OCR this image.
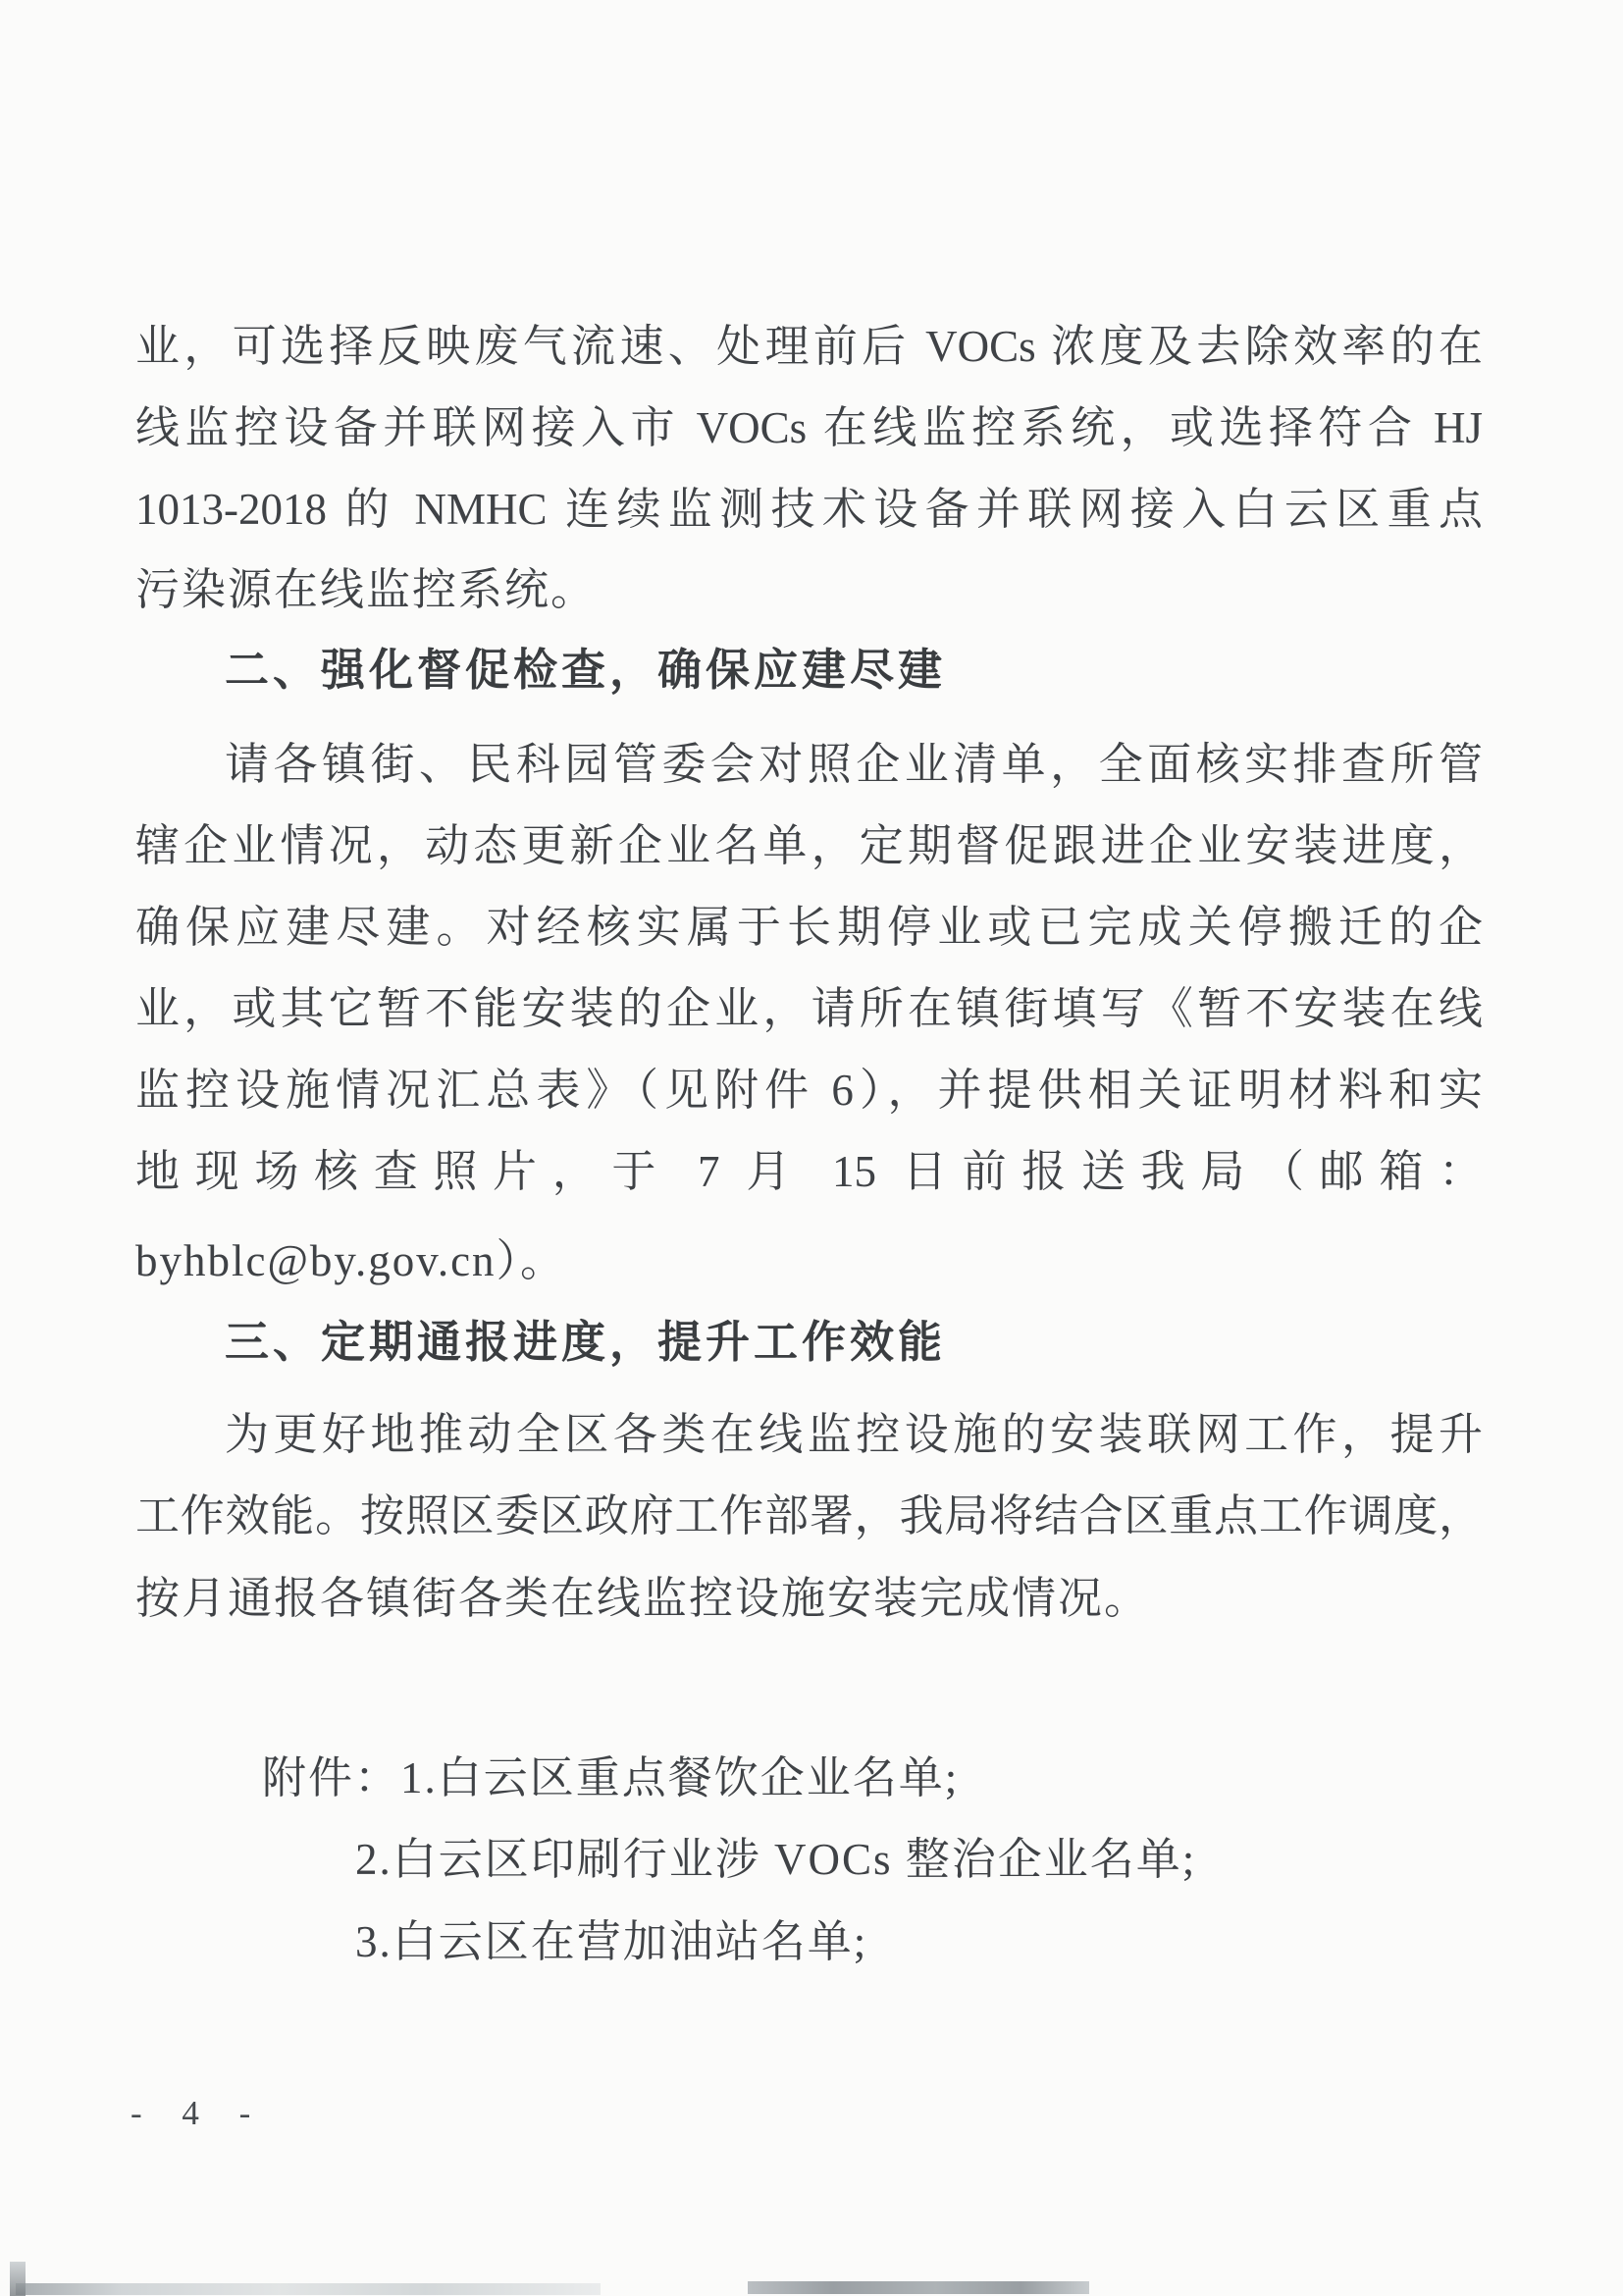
业，可选择反映废气流速、处理前后 VOCs 浓度及去除效率的在
线监控设备并联网接入市 VOCs 在线监控系统，或选择符合 HJ
1013-2018 的 NMHC 连续监测技术设备并联网接入白云区重点
污染源在线监控系统。
二、强化督促检查，确保应建尽建
请各镇街、民科园管委会对照企业清单，全面核实排查所管
辖企业情况，动态更新企业名单，定期督促跟进企业安装进度，
确保应建尽建。对经核实属于长期停业或已完成关停搬迁的企
业，或其它暂不能安装的企业，请所在镇街填写《暂不安装在线
监控设施情况汇总表》（见附件 6），并提供相关证明材料和实
地现场核查照片，于 7 月 15 日前报送我局（邮箱：
byhblc@by.gov.cn）。
三、定期通报进度，提升工作效能
为更好地推动全区各类在线监控设施的安装联网工作，提升
工作效能。按照区委区政府工作部署，我局将结合区重点工作调度，
按月通报各镇街各类在线监控设施安装完成情况。
附件：1.白云区重点餐饮企业名单;
2.白云区印刷行业涉 VOCs 整治企业名单;
3.白云区在营加油站名单;
- 4 -
